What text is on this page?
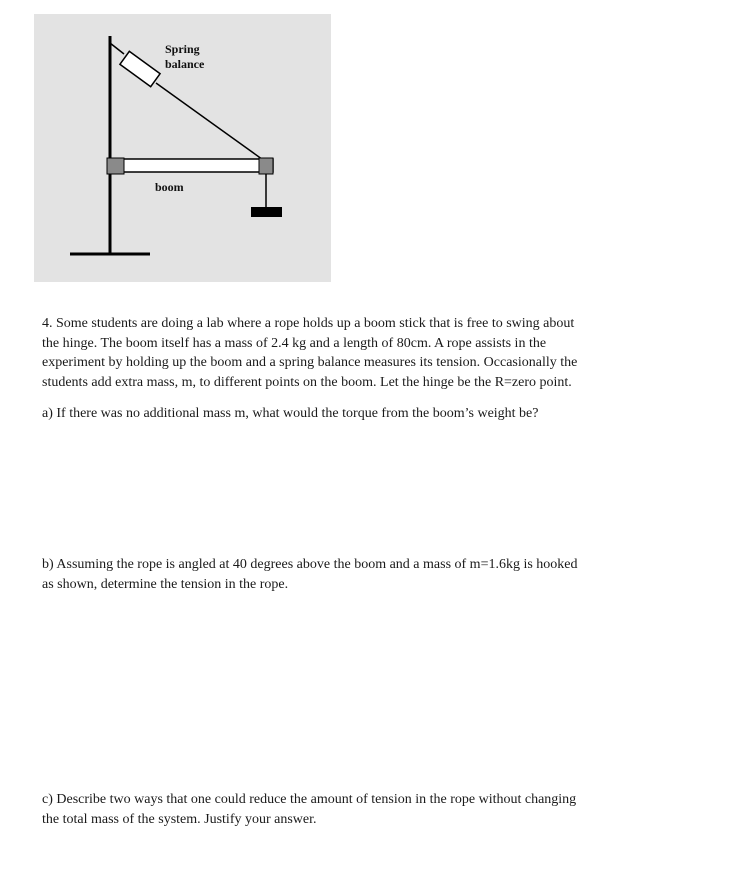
Spring
balance
boom
4. Some students are doing a lab where a rope holds up a boom stick that is free to swing about
the hinge. The boom itself has a mass of 2.4 kg and a length of 80cm. A rope assists in the
experiment by holding up the boom and a spring balance measures its tension. Occasionally the
students add extra mass, m, to different points on the boom. Let the hinge be the R=zero point.
a) If there was no additional mass m, what would the torque from the boom’s weight be?
b) Assuming the rope is angled at 40 degrees above the boom and a mass of m=1.6kg is hooked
as shown, determine the tension in the rope.
c) Describe two ways that one could reduce the amount of tension in the rope without changing
the total mass of the system. Justify your answer.
